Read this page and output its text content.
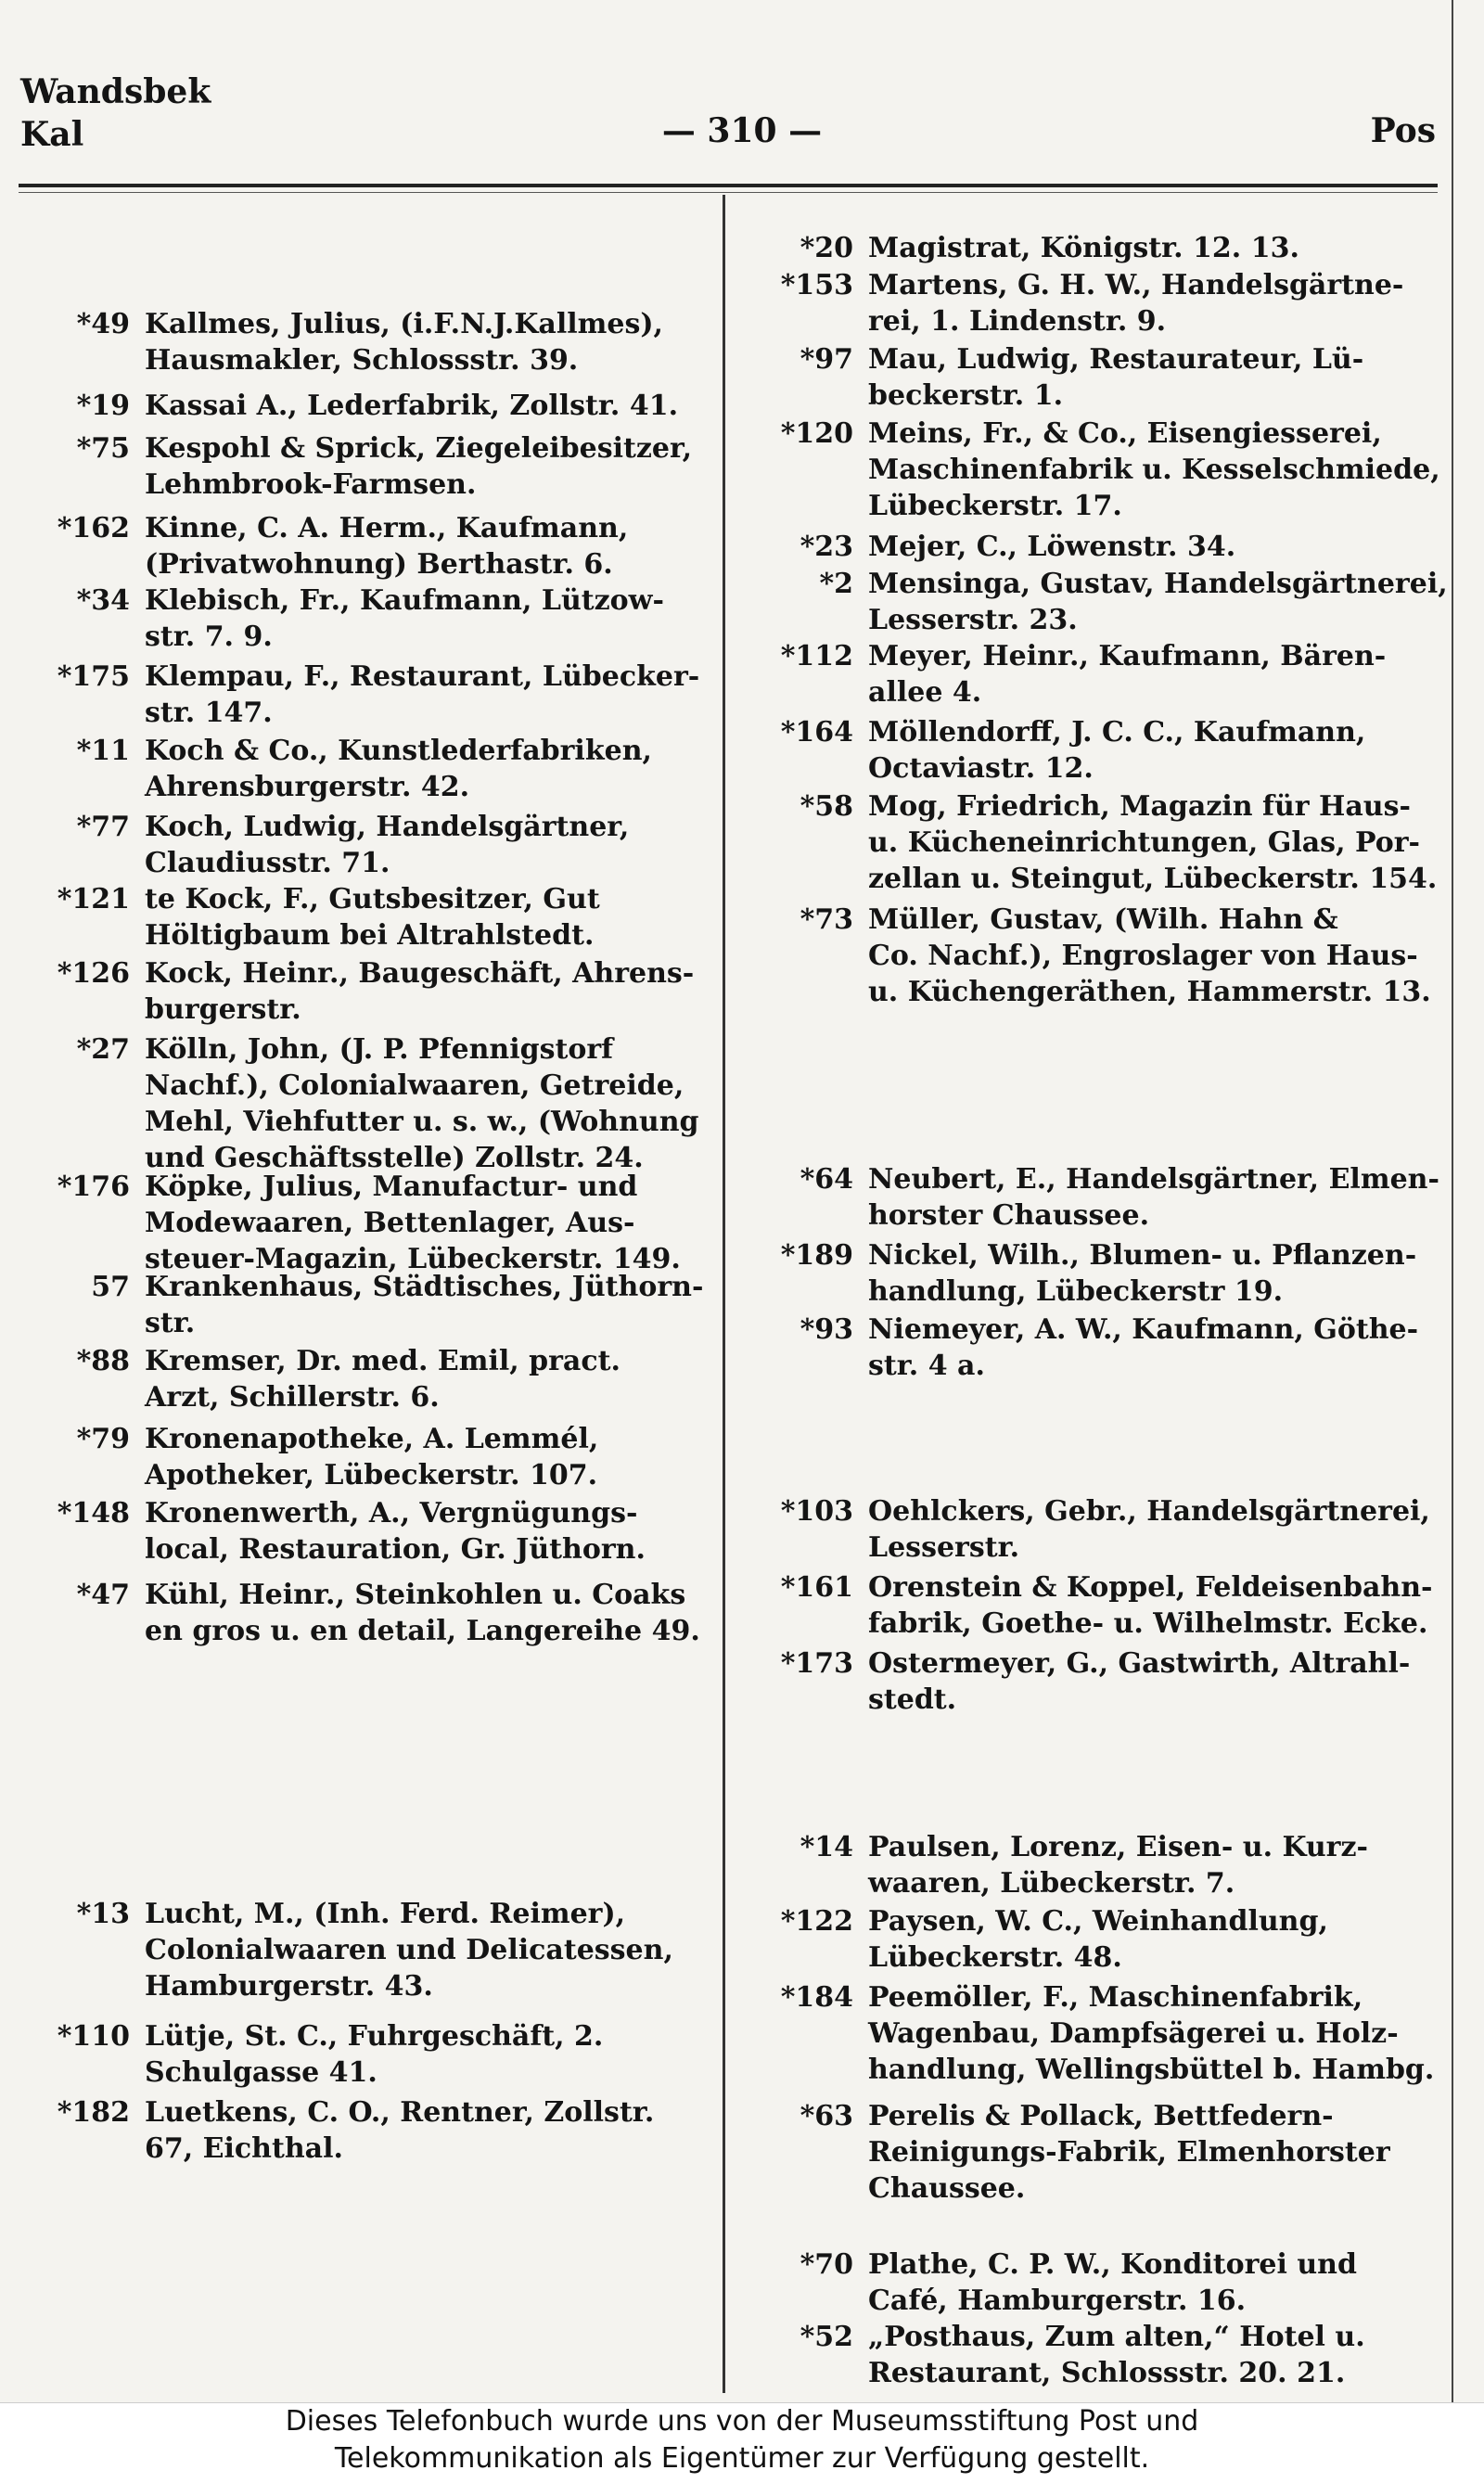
Wandsbek
Kal	— 310 —	Pos
*49 Kallmes, Julius, (i.F.N.J.Kallmes),
Hausmakler, Schlossstr. 39.
*19 Kassai A., Lederfabrik, Zollstr. 41.
*75 Kespohl & Sprick, Ziegeleibesitzer,
Lehmbrook-Farmsen.
*162 Kinne, C. A. Herm., Kaufmann,
(Privatwohnung) Berthastr. 6.
*34 Klebisch, Fr., Kaufmann, Lützow-
str. 7. 9.
*175 Klempau, F., Restaurant, Lübecker-
str. 147.
*11 Koch & Co., Kunstlederfabriken,
Ahrensburgerstr. 42.
*77 Koch, Ludwig, Handelsgärtner,
Claudiusstr. 71.
*121 te Kock, F., Gutsbesitzer, Gut
Höltigbaum bei Altrahlstedt.
*126 Kock, Heinr., Baugeschäft, Ahrens-
burgerstr.
*27 Kölln, John, (J. P. Pfennigstorf
Nachf.), Colonialwaaren, Getreide,
Mehl, Viehfutter u. s. w., (Wohnung
und Geschäftsstelle) Zollstr. 24.
*176 Köpke, Julius, Manufactur- und
Modewaaren, Bettenlager, Aus-
steuer-Magazin, Lübeckerstr. 149.
57 Krankenhaus, Städtisches, Jüthorn-
str.
*88 Kremser, Dr. med. Emil, pract.
Arzt, Schillerstr. 6.
*79 Kronenapotheke, A. Lemmél,
Apotheker, Lübeckerstr. 107.
*148 Kronenwerth, A., Vergnügungs-
local, Restauration, Gr. Jüthorn.
*47 Kühl, Heinr., Steinkohlen u. Coaks
en gros u. en detail, Langereihe 49.
*13 Lucht, M., (Inh. Ferd. Reimer),
Colonialwaaren und Delicatessen,
Hamburgerstr. 43.
*110 Lütje, St. C., Fuhrgeschäft, 2.
Schulgasse 41.
*182 Luetkens, C. O., Rentner, Zollstr.
67, Eichthal.
*20 Magistrat, Königstr. 12. 13.
*153 Martens, G. H. W., Handelsgärtne-
rei, 1. Lindenstr. 9.
*97 Mau, Ludwig, Restaurateur, Lü-
beckerstr. 1.
*120 Meins, Fr., & Co., Eisengiesserei,
Maschinenfabrik u. Kesselschmiede,
Lübeckerstr. 17.
*23 Mejer, C., Löwenstr. 34.
*2 Mensinga, Gustav, Handelsgärtnerei,
Lesserstr. 23.
*112 Meyer, Heinr., Kaufmann, Bären-
allee 4.
*164 Möllendorff, J. C. C., Kaufmann,
Octaviastr. 12.
*58 Mog, Friedrich, Magazin für Haus-
u. Kücheneinrichtungen, Glas, Por-
zellan u. Steingut, Lübeckerstr. 154.
*73 Müller, Gustav, (Wilh. Hahn &
Co. Nachf.), Engroslager von Haus-
u. Küchengeräthen, Hammerstr. 13.
*64 Neubert, E., Handelsgärtner, Elmen-
horster Chaussee.
*189 Nickel, Wilh., Blumen- u. Pflanzen-
handlung, Lübeckerstr 19.
*93 Niemeyer, A. W., Kaufmann, Göthe-
str. 4 a.
*103 Oehlckers, Gebr., Handelsgärtnerei,
Lesserstr.
*161 Orenstein & Koppel, Feldeisenbahn-
fabrik, Goethe- u. Wilhelmstr. Ecke.
*173 Ostermeyer, G., Gastwirth, Altrahl-
stedt.
*14 Paulsen, Lorenz, Eisen- u. Kurz-
waaren, Lübeckerstr. 7.
*122 Paysen, W. C., Weinhandlung,
Lübeckerstr. 48.
*184 Peemöller, F., Maschinenfabrik,
Wagenbau, Dampfsägerei u. Holz-
handlung, Wellingsbüttel b. Hambg.
*63 Perelis & Pollack, Bettfedern-
Reinigungs-Fabrik, Elmenhorster
Chaussee.
*70 Plathe, C. P. W., Konditorei und
Café, Hamburgerstr. 16.
*52 „Posthaus, Zum alten,“ Hotel u.
Restaurant, Schlossstr. 20. 21.
Dieses Telefonbuch wurde uns von der Museumsstiftung Post und
Telekommunikation als Eigentümer zur Verfügung gestellt.
